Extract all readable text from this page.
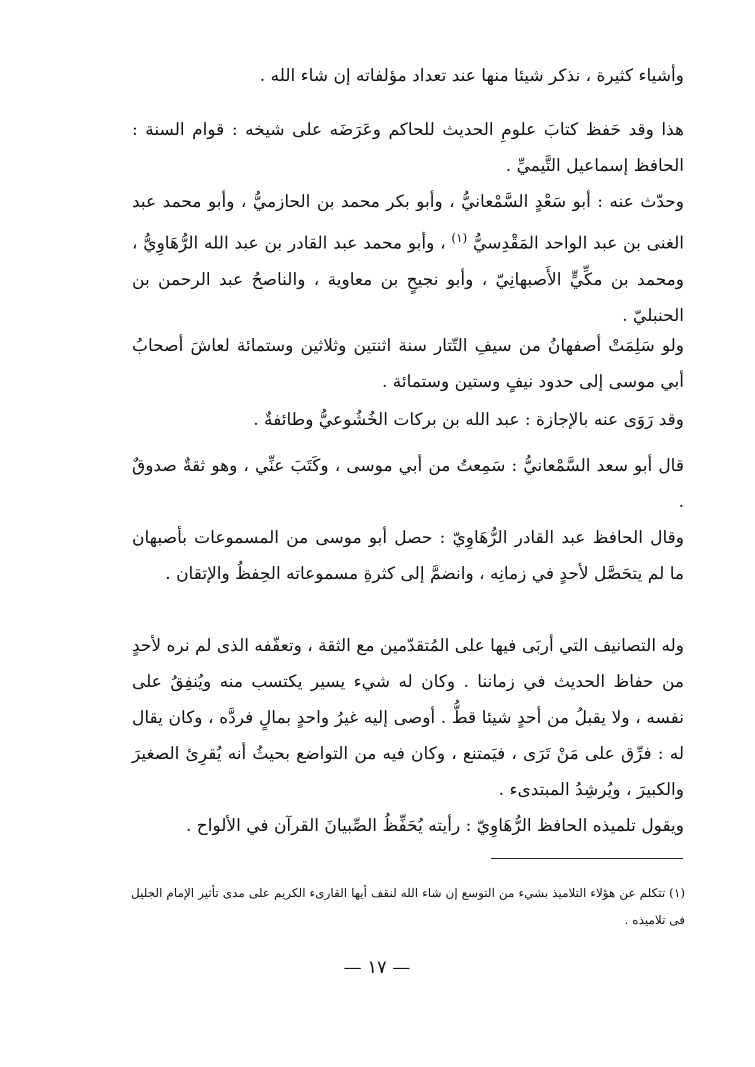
وأشياء كثيرة ، نذكر شيئا منها عند تعداد مؤلفاته إن شاء الله .

هذا وقد حَفظ كتابَ علومِ الحديث للحاكم وعَرَضَه على شيخه : قوام السنة : الحافظ إسماعيل التَّيميِّ .

وحدّث عنه : أبو سَعْدٍ السَّمْعانيُّ ، وأبو بكر محمد بن الحازميُّ ، وأبو محمد عبد الغنى بن عبد الواحد المَقْدِسيُّ $^{(١)}$ ، وأبو محمد عبد القادر بن عبد الله الرُّهَاوِيُّ ، ومحمد بن مكِّيٍّ الأَصبهانِيّ ، وأبو نجيحٍ بن معاوية ، والناصحُ عبد الرحمن بن الحنبليّ .

ولو سَلِمَتْ أصفهانُ من سيفِ التّتار سنة اثنتين وثلاثين وستمائة لعاشَ أصحابُ أبي موسى إلى حدود نيفٍ وستين وستمائة .

وقد رَوَى عنه بالإجازة : عبد الله بن بركات الخُشُوعيُّ وطائفةٌ .

قال أبو سعد السَّمْعانيُّ : سَمِعتُ من أبي موسى ، وكَتَبَ عنِّي ، وهو ثقةٌ صدوقٌ .

وقال الحافظ عبد القادر الرُّهَاوِيّ : حصل أبو موسى من المسموعات بأصبهان ما لم يتحَصَّل لأحدٍ في زمانِه ، وانضمَّ إلى كثرةِ مسموعاته الحِفظُ والإتقان .

وله التصانيف التي أربَى فيها على المُتقدّمين مع الثقة ، وتعفّفه الذى لم نره لأحدٍ من حفاظ الحديث في زماننا . وكان له شيء يسير يكتسب منه ويُنفِقُ على نفسه ، ولا يقبلُ من أحدٍ شيئا قطُّ . أوصى إليه غيرُ واحدٍ بمالٍ فردَّه ، وكان يقال له : فرِّق على مَنْ تَرَى ، فيَمتنع ، وكان فيه من التواضع بحيثُ أنه يُقرِئ الصغيرَ والكبيرَ ، ويُرشِدُ المبتدىء .

ويقول تلميذه الحافظ الرُّهَاوِيّ : رأيته يُحَفِّظُ الصِّبيانَ القرآن في الألواح .

(١) تتكلم عن هؤلاء التلاميذ بشيء من التوسع إن شاء الله لنقف أيها القارىء الكريم على مدى تأثير الإمام الجليل فى تلاميذه .
— ١٧ —
